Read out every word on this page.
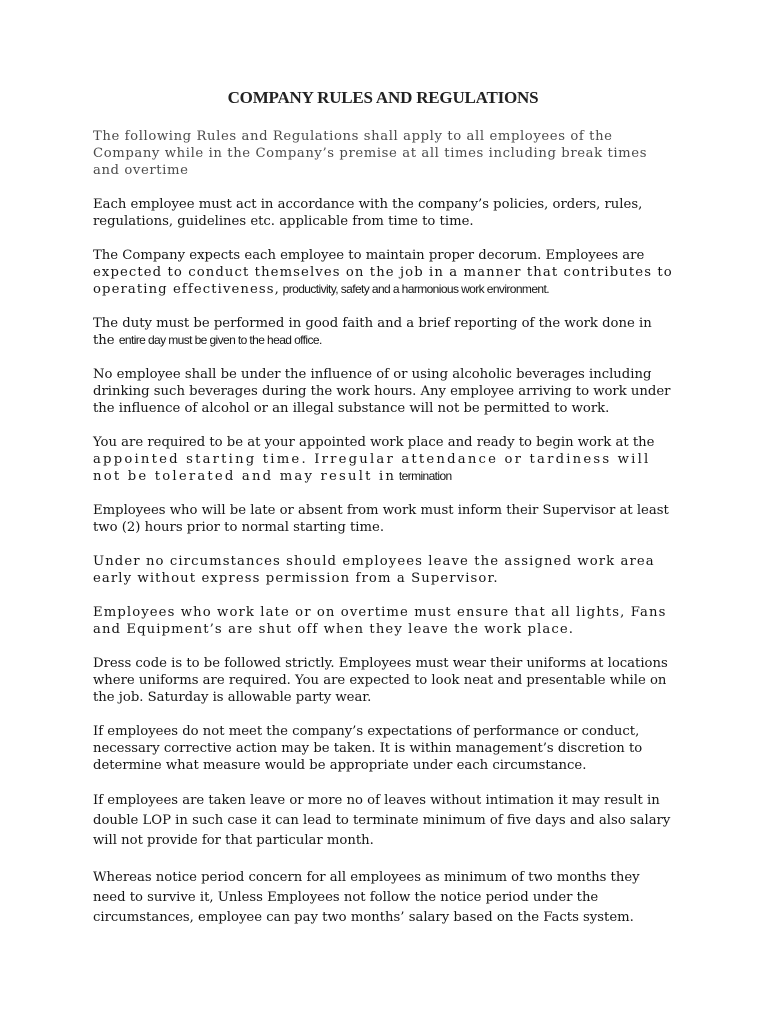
COMPANY RULES AND REGULATIONS

The following Rules and Regulations shall apply to all employees of the Company while in the Company’s premise at all times including break times and overtime

Each employee must act in accordance with the company’s policies, orders, rules, regulations, guidelines etc. applicable from time to time.

The Company expects each employee to maintain proper decorum. Employees are expected to conduct themselves on the job in a manner that contributes to operating effectiveness, productivity, safety and a harmonious work environment.

The duty must be performed in good faith and a brief reporting of the work done in the entire day must be given to the head office.

No employee shall be under the influence of or using alcoholic beverages including drinking such beverages during the work hours. Any employee arriving to work under the influence of alcohol or an illegal substance will not be permitted to work.

You are required to be at your appointed work place and ready to begin work at the appointed starting time. Irregular attendance or tardiness will not be tolerated and may result in termination

Employees who will be late or absent from work must inform their Supervisor at least two (2) hours prior to normal starting time.

Under no circumstances should employees leave the assigned work area early without express permission from a Supervisor.

Employees who work late or on overtime must ensure that all lights, Fans and Equipment’s are shut off when they leave the work place.

Dress code is to be followed strictly. Employees must wear their uniforms at locations where uniforms are required. You are expected to look neat and presentable while on the job. Saturday is allowable party wear.

If employees do not meet the company’s expectations of performance or conduct, necessary corrective action may be taken. It is within management’s discretion to determine what measure would be appropriate under each circumstance.

If employees are taken leave or more no of leaves without intimation it may result in double LOP in such case it can lead to terminate minimum of five days and also salary will not provide for that particular month.

Whereas notice period concern for all employees as minimum of two months they need to survive it, Unless Employees not follow the notice period under the circumstances, employee can pay two months’ salary based on the Facts system.
